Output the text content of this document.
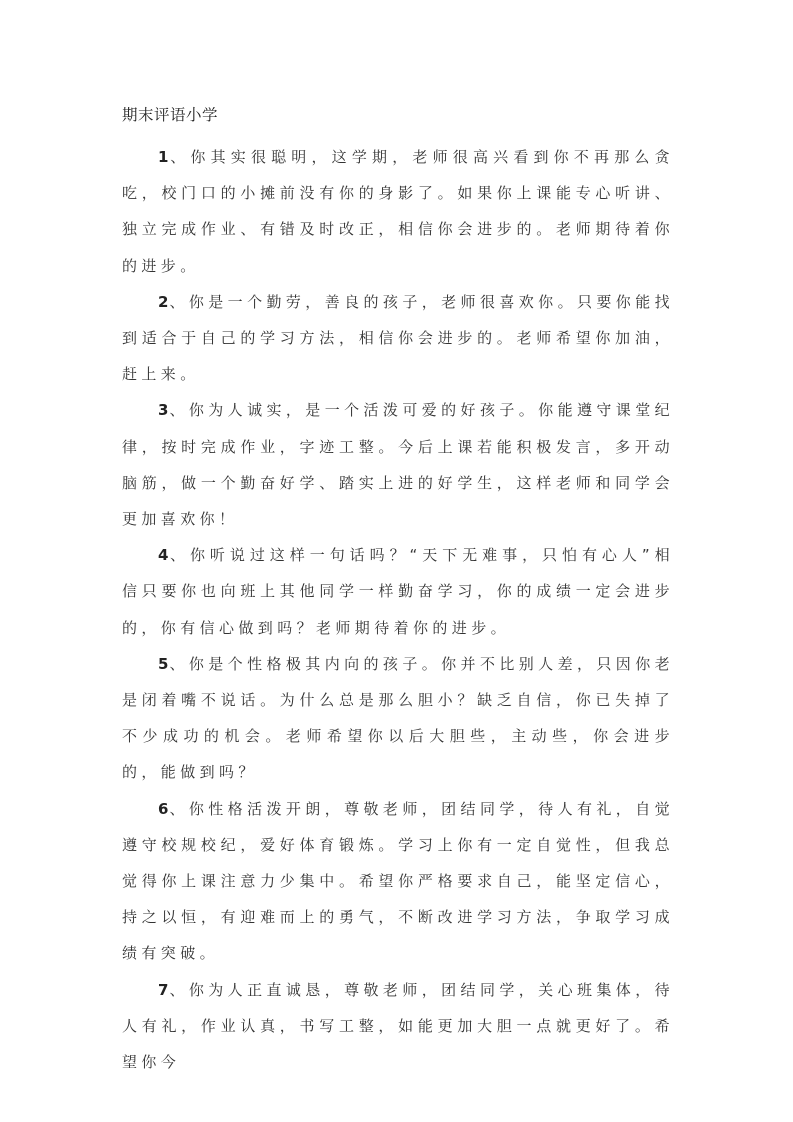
期末评语小学

1、你其实很聪明，这学期，老师很高兴看到你不再那么贪吃，校门口的小摊前没有你的身影了。如果你上课能专心听讲、独立完成作业、有错及时改正，相信你会进步的。老师期待着你的进步。

2、你是一个勤劳，善良的孩子，老师很喜欢你。只要你能找到适合于自己的学习方法，相信你会进步的。老师希望你加油，赶上来。

3、你为人诚实，是一个活泼可爱的好孩子。你能遵守课堂纪律，按时完成作业，字迹工整。今后上课若能积极发言，多开动脑筋，做一个勤奋好学、踏实上进的好学生，这样老师和同学会更加喜欢你！

4、你听说过这样一句话吗？“天下无难事，只怕有心人”相信只要你也向班上其他同学一样勤奋学习，你的成绩一定会进步的，你有信心做到吗？老师期待着你的进步。

5、你是个性格极其内向的孩子。你并不比别人差，只因你老是闭着嘴不说话。为什么总是那么胆小？缺乏自信，你已失掉了不少成功的机会。老师希望你以后大胆些，主动些，你会进步的，能做到吗？

6、你性格活泼开朗，尊敬老师，团结同学，待人有礼，自觉遵守校规校纪，爱好体育锻炼。学习上你有一定自觉性，但我总觉得你上课注意力少集中。希望你严格要求自己，能坚定信心，持之以恒，有迎难而上的勇气，不断改进学习方法，争取学习成绩有突破。

7、你为人正直诚恳，尊敬老师，团结同学，关心班集体，待人有礼，作业认真，书写工整，如能更加大胆一点就更好了。希望你今
